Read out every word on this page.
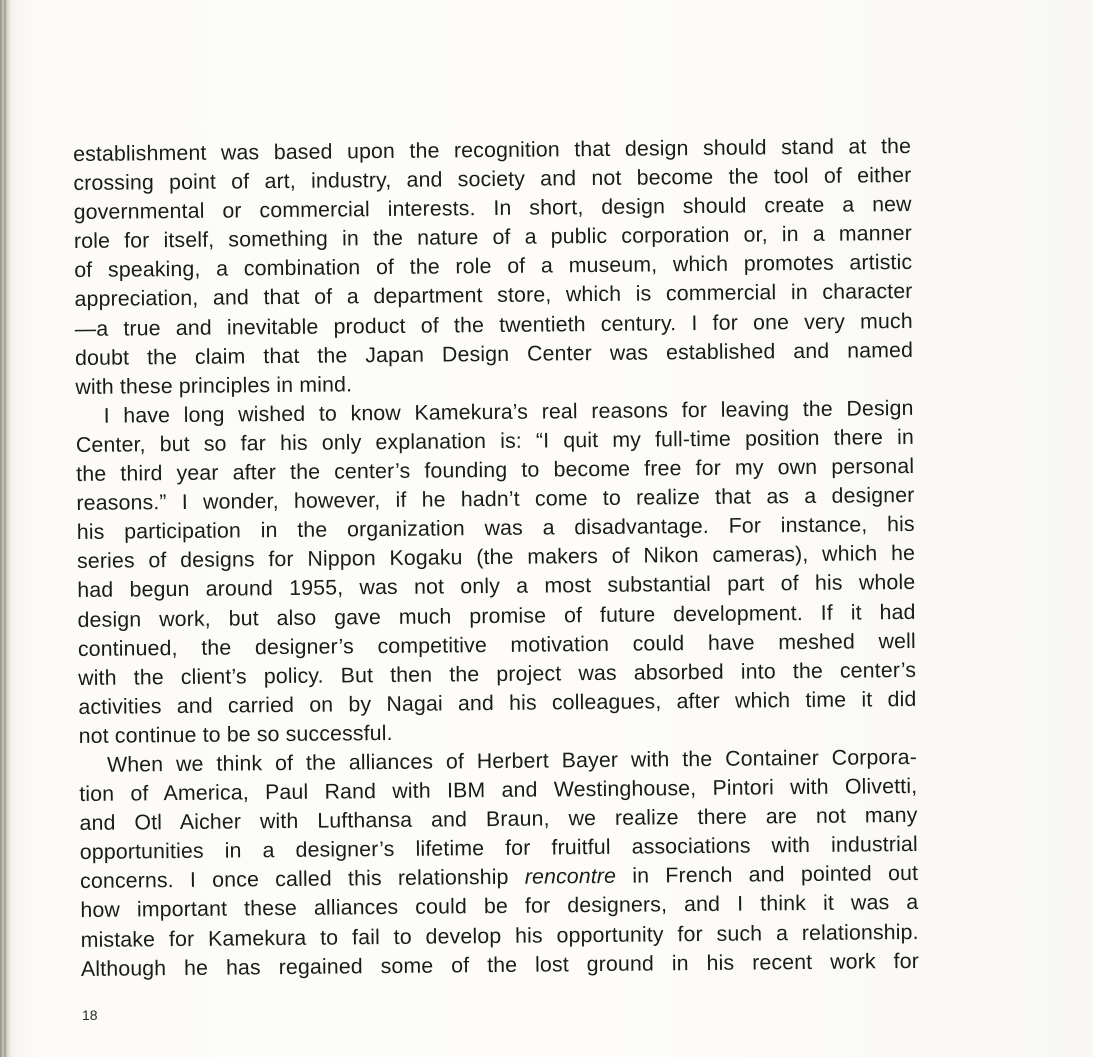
establishment was based upon the recognition that design should stand at the
crossing point of art, industry, and society and not become the tool of either
governmental or commercial interests. In short, design should create a new
role for itself, something in the nature of a public corporation or, in a manner
of speaking, a combination of the role of a museum, which promotes artistic
appreciation, and that of a department store, which is commercial in character
—a true and inevitable product of the twentieth century. I for one very much
doubt the claim that the Japan Design Center was established and named
with these principles in mind.
I have long wished to know Kamekura’s real reasons for leaving the Design
Center, but so far his only explanation is: “I quit my full-time position there in
the third year after the center’s founding to become free for my own personal
reasons.” I wonder, however, if he hadn’t come to realize that as a designer
his participation in the organization was a disadvantage. For instance, his
series of designs for Nippon Kogaku (the makers of Nikon cameras), which he
had begun around 1955, was not only a most substantial part of his whole
design work, but also gave much promise of future development. If it had
continued, the designer’s competitive motivation could have meshed well
with the client’s policy. But then the project was absorbed into the center’s
activities and carried on by Nagai and his colleagues, after which time it did
not continue to be so successful.
When we think of the alliances of Herbert Bayer with the Container Corpora-
tion of America, Paul Rand with IBM and Westinghouse, Pintori with Olivetti,
and Otl Aicher with Lufthansa and Braun, we realize there are not many
opportunities in a designer’s lifetime for fruitful associations with industrial
concerns. I once called this relationship rencontre in French and pointed out
how important these alliances could be for designers, and I think it was a
mistake for Kamekura to fail to develop his opportunity for such a relationship.
Although he has regained some of the lost ground in his recent work for
18
